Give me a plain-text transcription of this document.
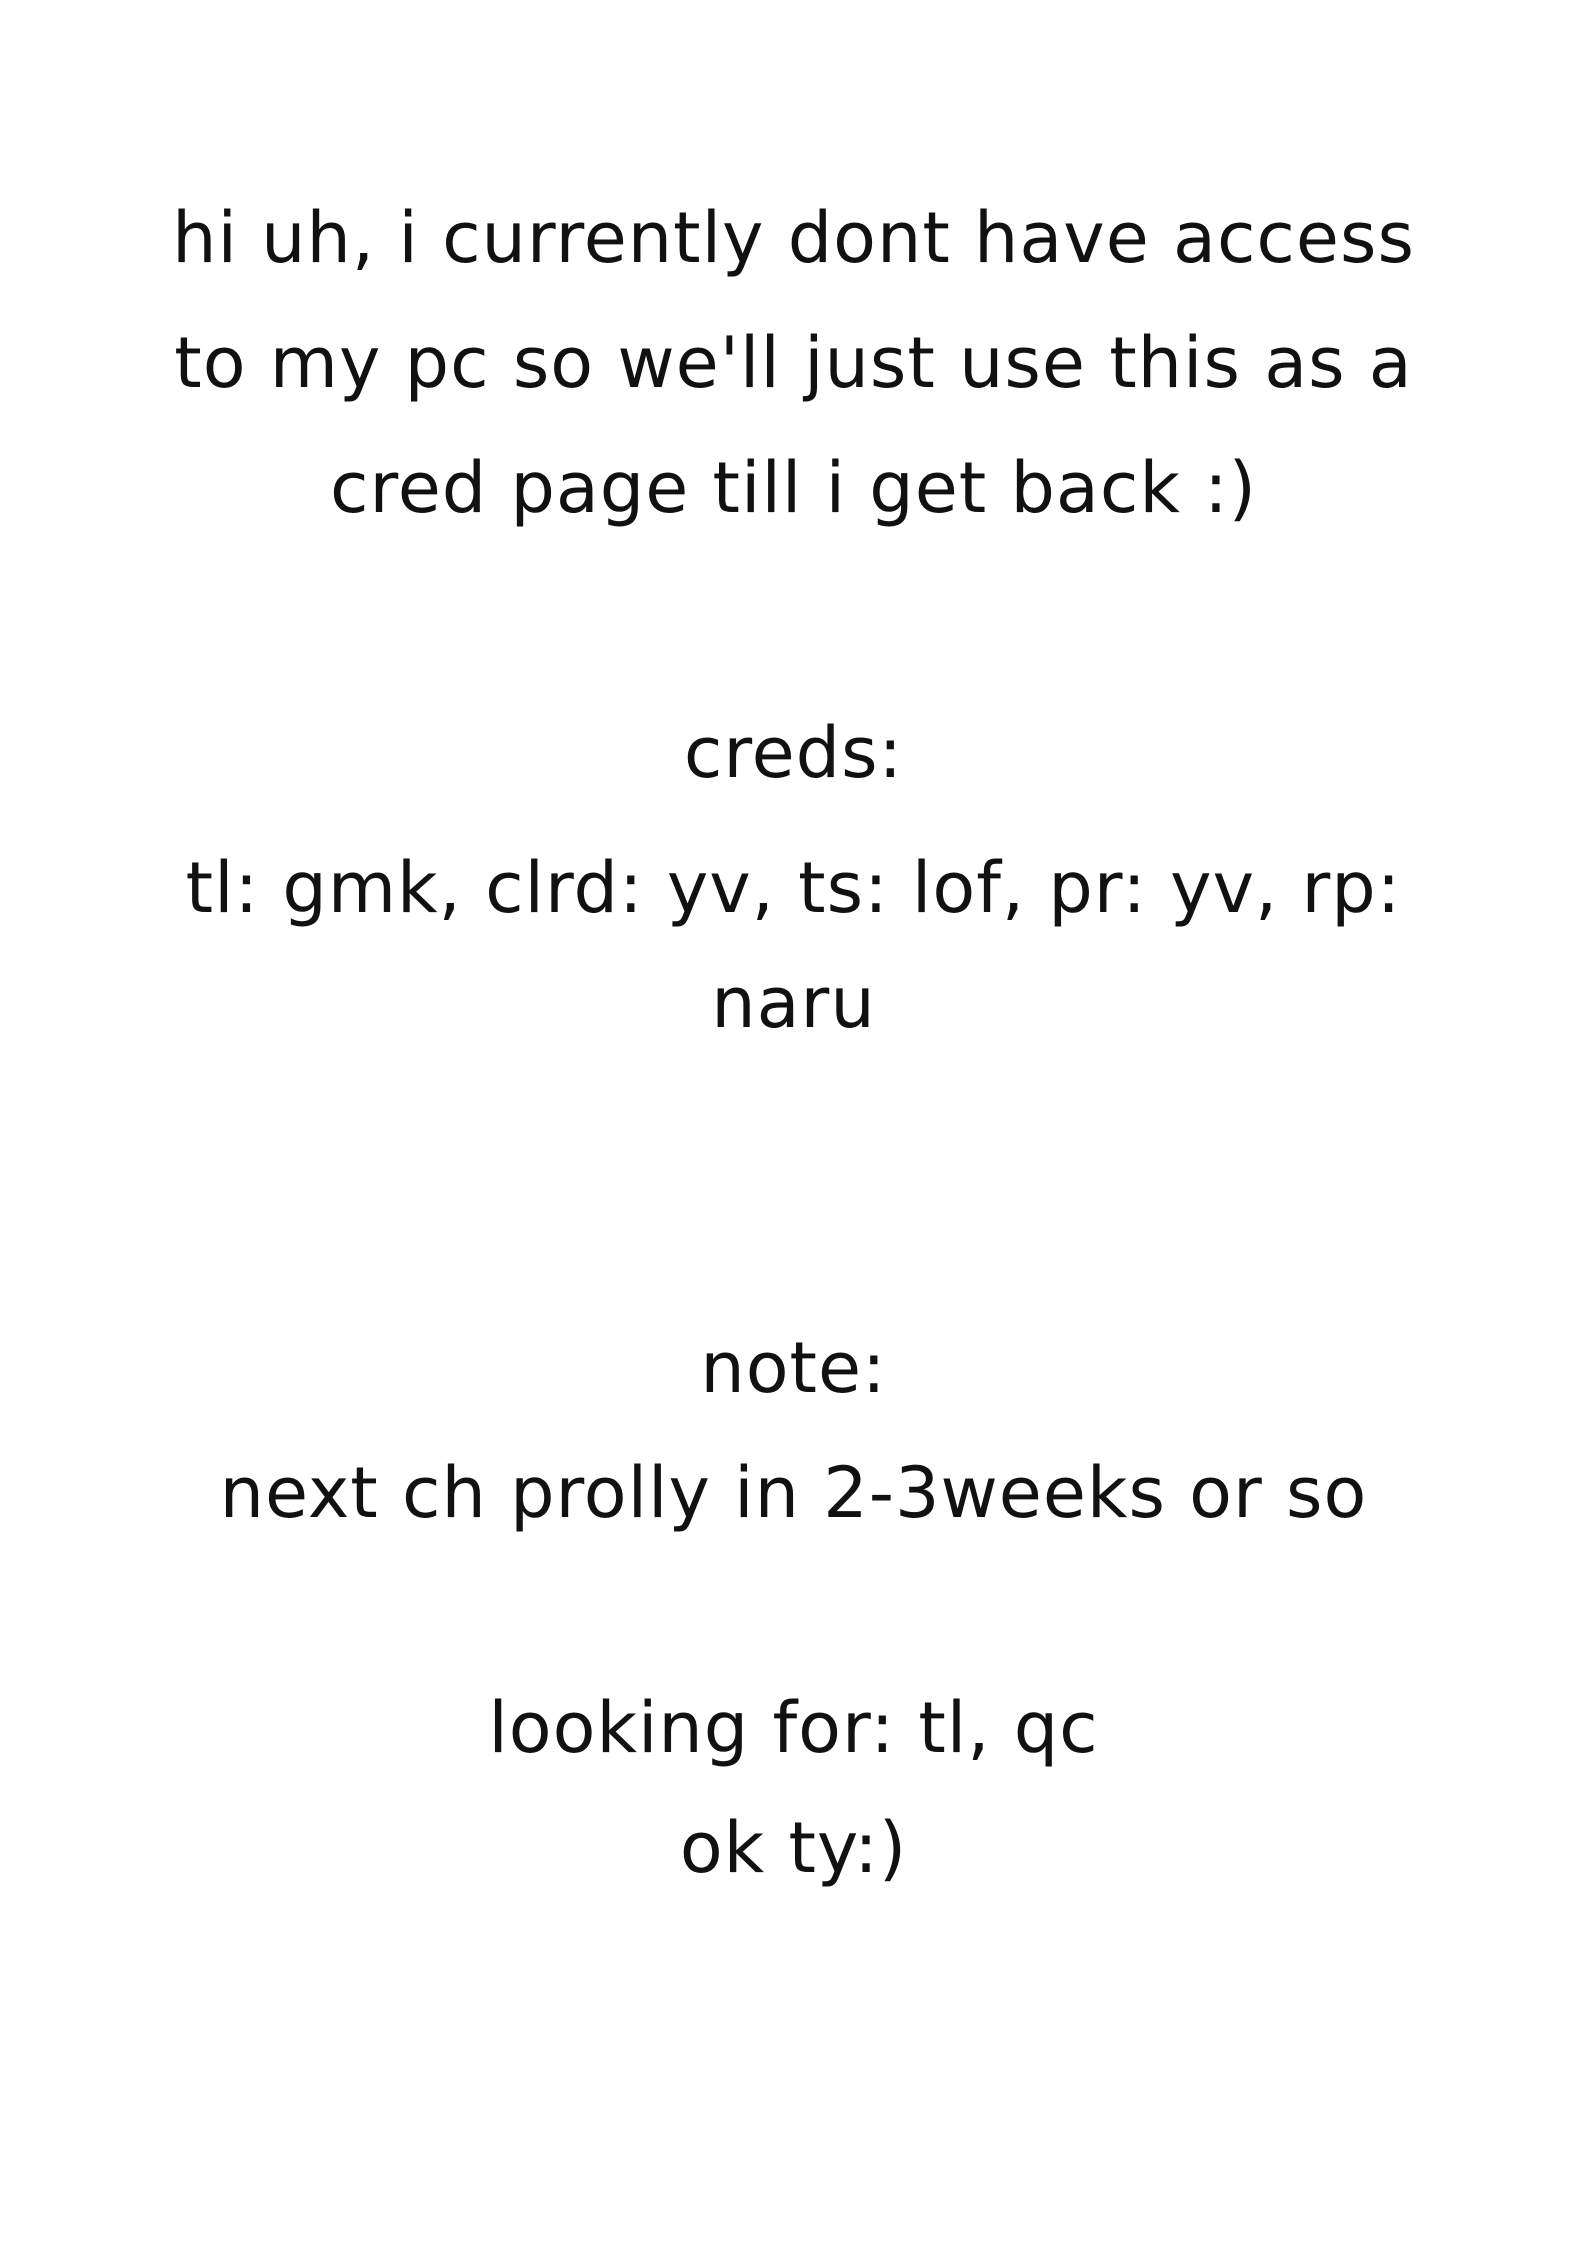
hi uh, i currently dont have access
to my pc so we'll just use this as a
cred page till i get back :)
creds:
tl: gmk, clrd: yv, ts: lof, pr: yv, rp:
naru
note:
next ch prolly in 2-3weeks or so
looking for: tl, qc
ok ty:)
